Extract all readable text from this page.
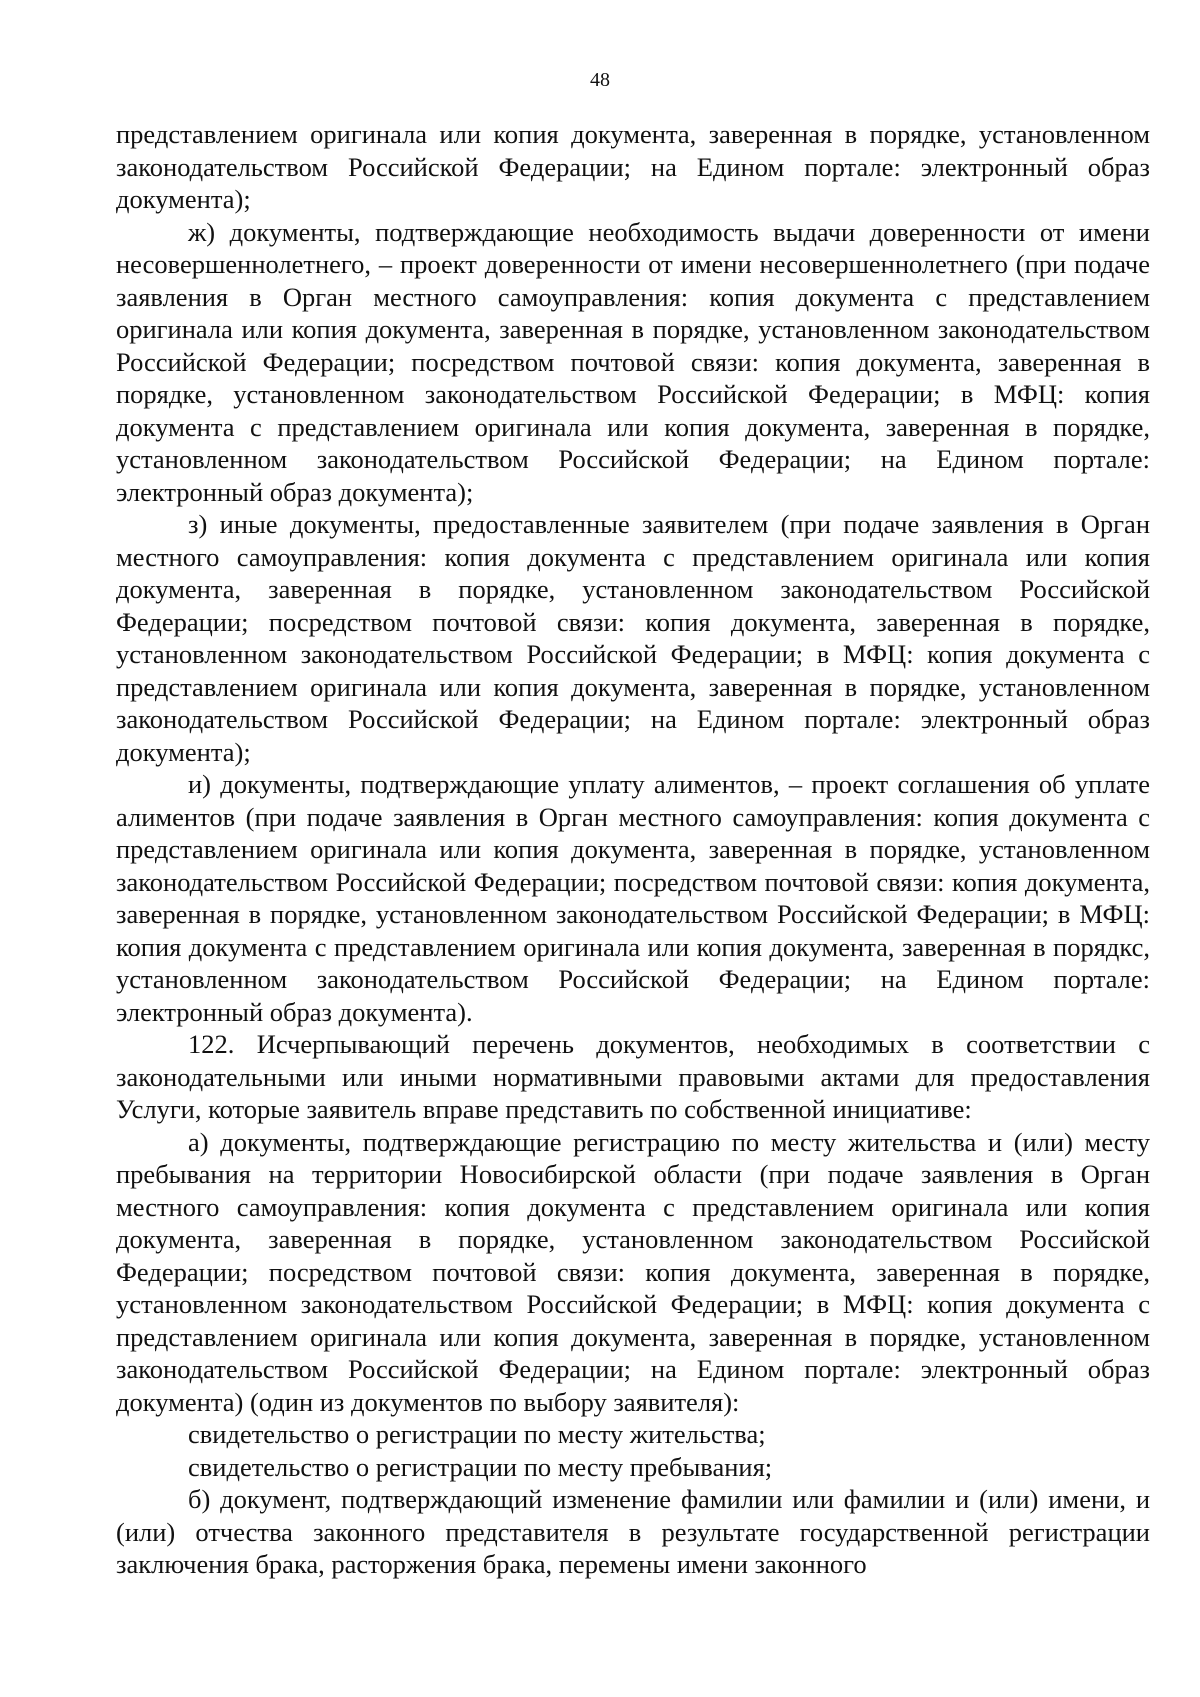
48

представлением оригинала или копия документа, заверенная в порядке, установленном законодательством Российской Федерации; на Едином портале: электронный образ документа);

ж) документы, подтверждающие необходимость выдачи доверенности от имени несовершеннолетнего, – проект доверенности от имени несовершеннолетнего (при подаче заявления в Орган местного самоуправления: копия документа с представлением оригинала или копия документа, заверенная в порядке, установленном законодательством Российской Федерации; посредством почтовой связи: копия документа, заверенная в порядке, установленном законодательством Российской Федерации; в МФЦ: копия документа с представлением оригинала или копия документа, заверенная в порядке, установленном законодательством Российской Федерации; на Едином портале: электронный образ документа);

з) иные документы, предоставленные заявителем (при подаче заявления в Орган местного самоуправления: копия документа с представлением оригинала или копия документа, заверенная в порядке, установленном законодательством Российской Федерации; посредством почтовой связи: копия документа, заверенная в порядке, установленном законодательством Российской Федерации; в МФЦ: копия документа с представлением оригинала или копия документа, заверенная в порядке, установленном законодательством Российской Федерации; на Едином портале: электронный образ документа);

и) документы, подтверждающие уплату алиментов, – проект соглашения об уплате алиментов (при подаче заявления в Орган местного самоуправления: копия документа с представлением оригинала или копия документа, заверенная в порядке, установленном законодательством Российской Федерации; посредством почтовой связи: копия документа, заверенная в порядке, установленном законодательством Российской Федерации; в МФЦ: копия документа с представлением оригинала или копия документа, заверенная в порядкс, установленном законодательством Российской Федерации; на Едином портале: электронный образ документа).

122. Исчерпывающий перечень документов, необходимых в соответствии с законодательными или иными нормативными правовыми актами для предоставления Услуги, которые заявитель вправе представить по собственной инициативе:

а) документы, подтверждающие регистрацию по месту жительства и (или) месту пребывания на территории Новосибирской области (при подаче заявления в Орган местного самоуправления: копия документа с представлением оригинала или копия документа, заверенная в порядке, установленном законодательством Российской Федерации; посредством почтовой связи: копия документа, заверенная в порядке, установленном законодательством Российской Федерации; в МФЦ: копия документа с представлением оригинала или копия документа, заверенная в порядке, установленном законодательством Российской Федерации; на Едином портале: электронный образ документа) (один из документов по выбору заявителя):

свидетельство о регистрации по месту жительства;

свидетельство о регистрации по месту пребывания;

б) документ, подтверждающий изменение фамилии или фамилии и (или) имени, и (или) отчества законного представителя в результате государственной регистрации заключения брака, расторжения брака, перемены имени законного
